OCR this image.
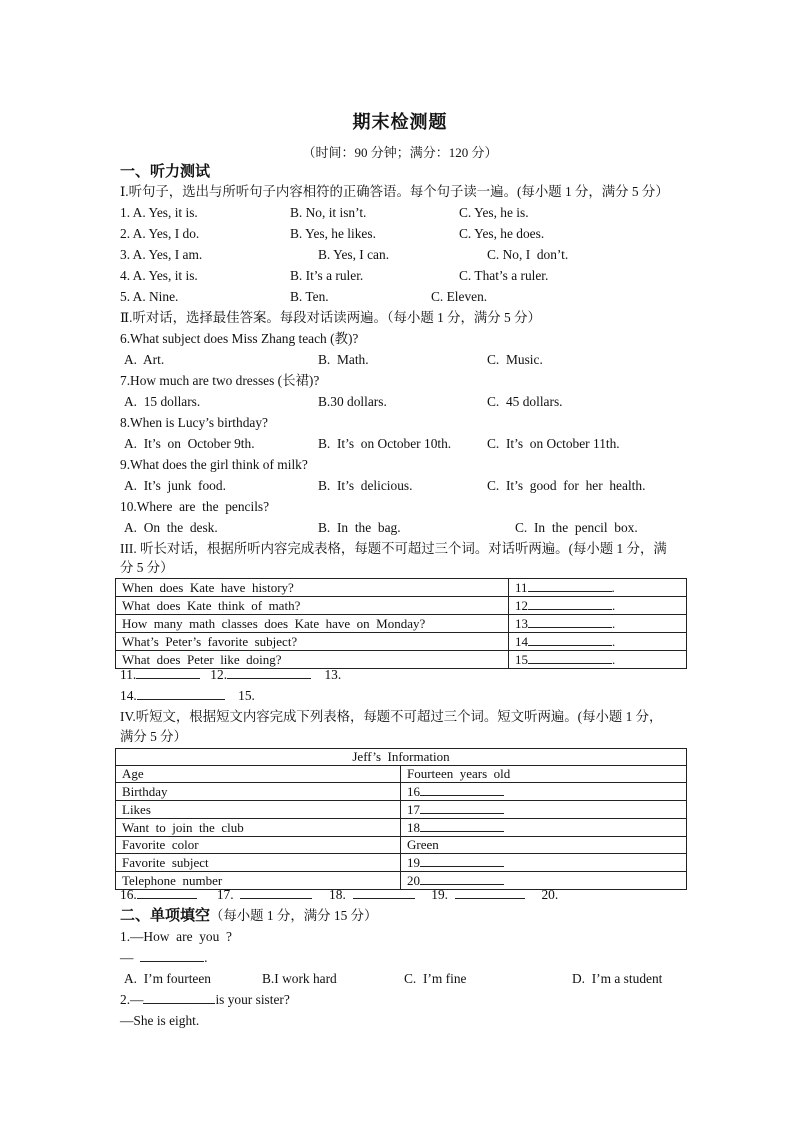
期末检测题
（时间：90 分钟；满分：120 分）
一、听力测试
Ⅰ.听句子，选出与所听句子内容相符的正确答语。每个句子读一遍。(每小题 1 分，满分 5 分）
1. A. Yes, it is.	B. No, it isn’t.	C. Yes, he is.
2. A. Yes, I do.	B. Yes, he likes.	C. Yes, he does.
3. A. Yes, I am.	B. Yes, I can.	C. No, I  don’t.
4. A. Yes, it is.	B. It’s a ruler.	C. That’s a ruler.
5. A. Nine.	B. Ten.	C. Eleven.
Ⅱ.听对话，选择最佳答案。每段对话读两遍。（每小题 1 分，满分 5 分）
6.What subject does Miss Zhang teach (教)?
A.  Art.	B.  Math.	C.  Music.
7.How much are two dresses (长裙)?
A.  15 dollars.	B.30 dollars.	C.  45 dollars.
8.When is Lucy’s birthday?
A.  It’s  on  October 9th.	B.  It’s  on October 10th.	C.  It’s  on October 11th.
9.What does the girl think of milk?
A.  It’s  junk  food.	B.  It’s  delicious.	C.  It’s  good  for  her  health.
10.Where  are  the  pencils?
A.  On  the  desk.	B.  In  the  bag.	C.  In  the  pencil  box.
III. 听长对话，根据所听内容完成表格，每题不可超过三个词。对话听两遍。(每小题 1 分，满
分 5 分）
When  does  Kate  have  history?	11 .
What  does  Kate  think  of  math?	12 .
How  many  math  classes  does  Kate  have  on  Monday?	13 .
What’s  Peter’s  favorite  subject?	14 .
What  does  Peter  like  doing?	15 .
11.	12.	13.
14.	15.
IV.听短文，根据短文内容完成下列表格，每题不可超过三个词。短文听两遍。(每小题 1 分，
满分 5 分）
Jeff’s  Information	
Age	Fourteen  years  old
Birthday	16
Likes	17
Want  to  join  the  club	18
Favorite  color	Green
Favorite  subject	19
Telephone  number	20
16.	17.	18.	19.	20.
二、单项填空（每小题 1 分，满分 15 分）
1.—How  are  you  ?
—	.
A.  I’m fourteen	B.I work hard	C.  I’m fine	D.  I’m a student
2.—	is your sister?
—She is eight.
